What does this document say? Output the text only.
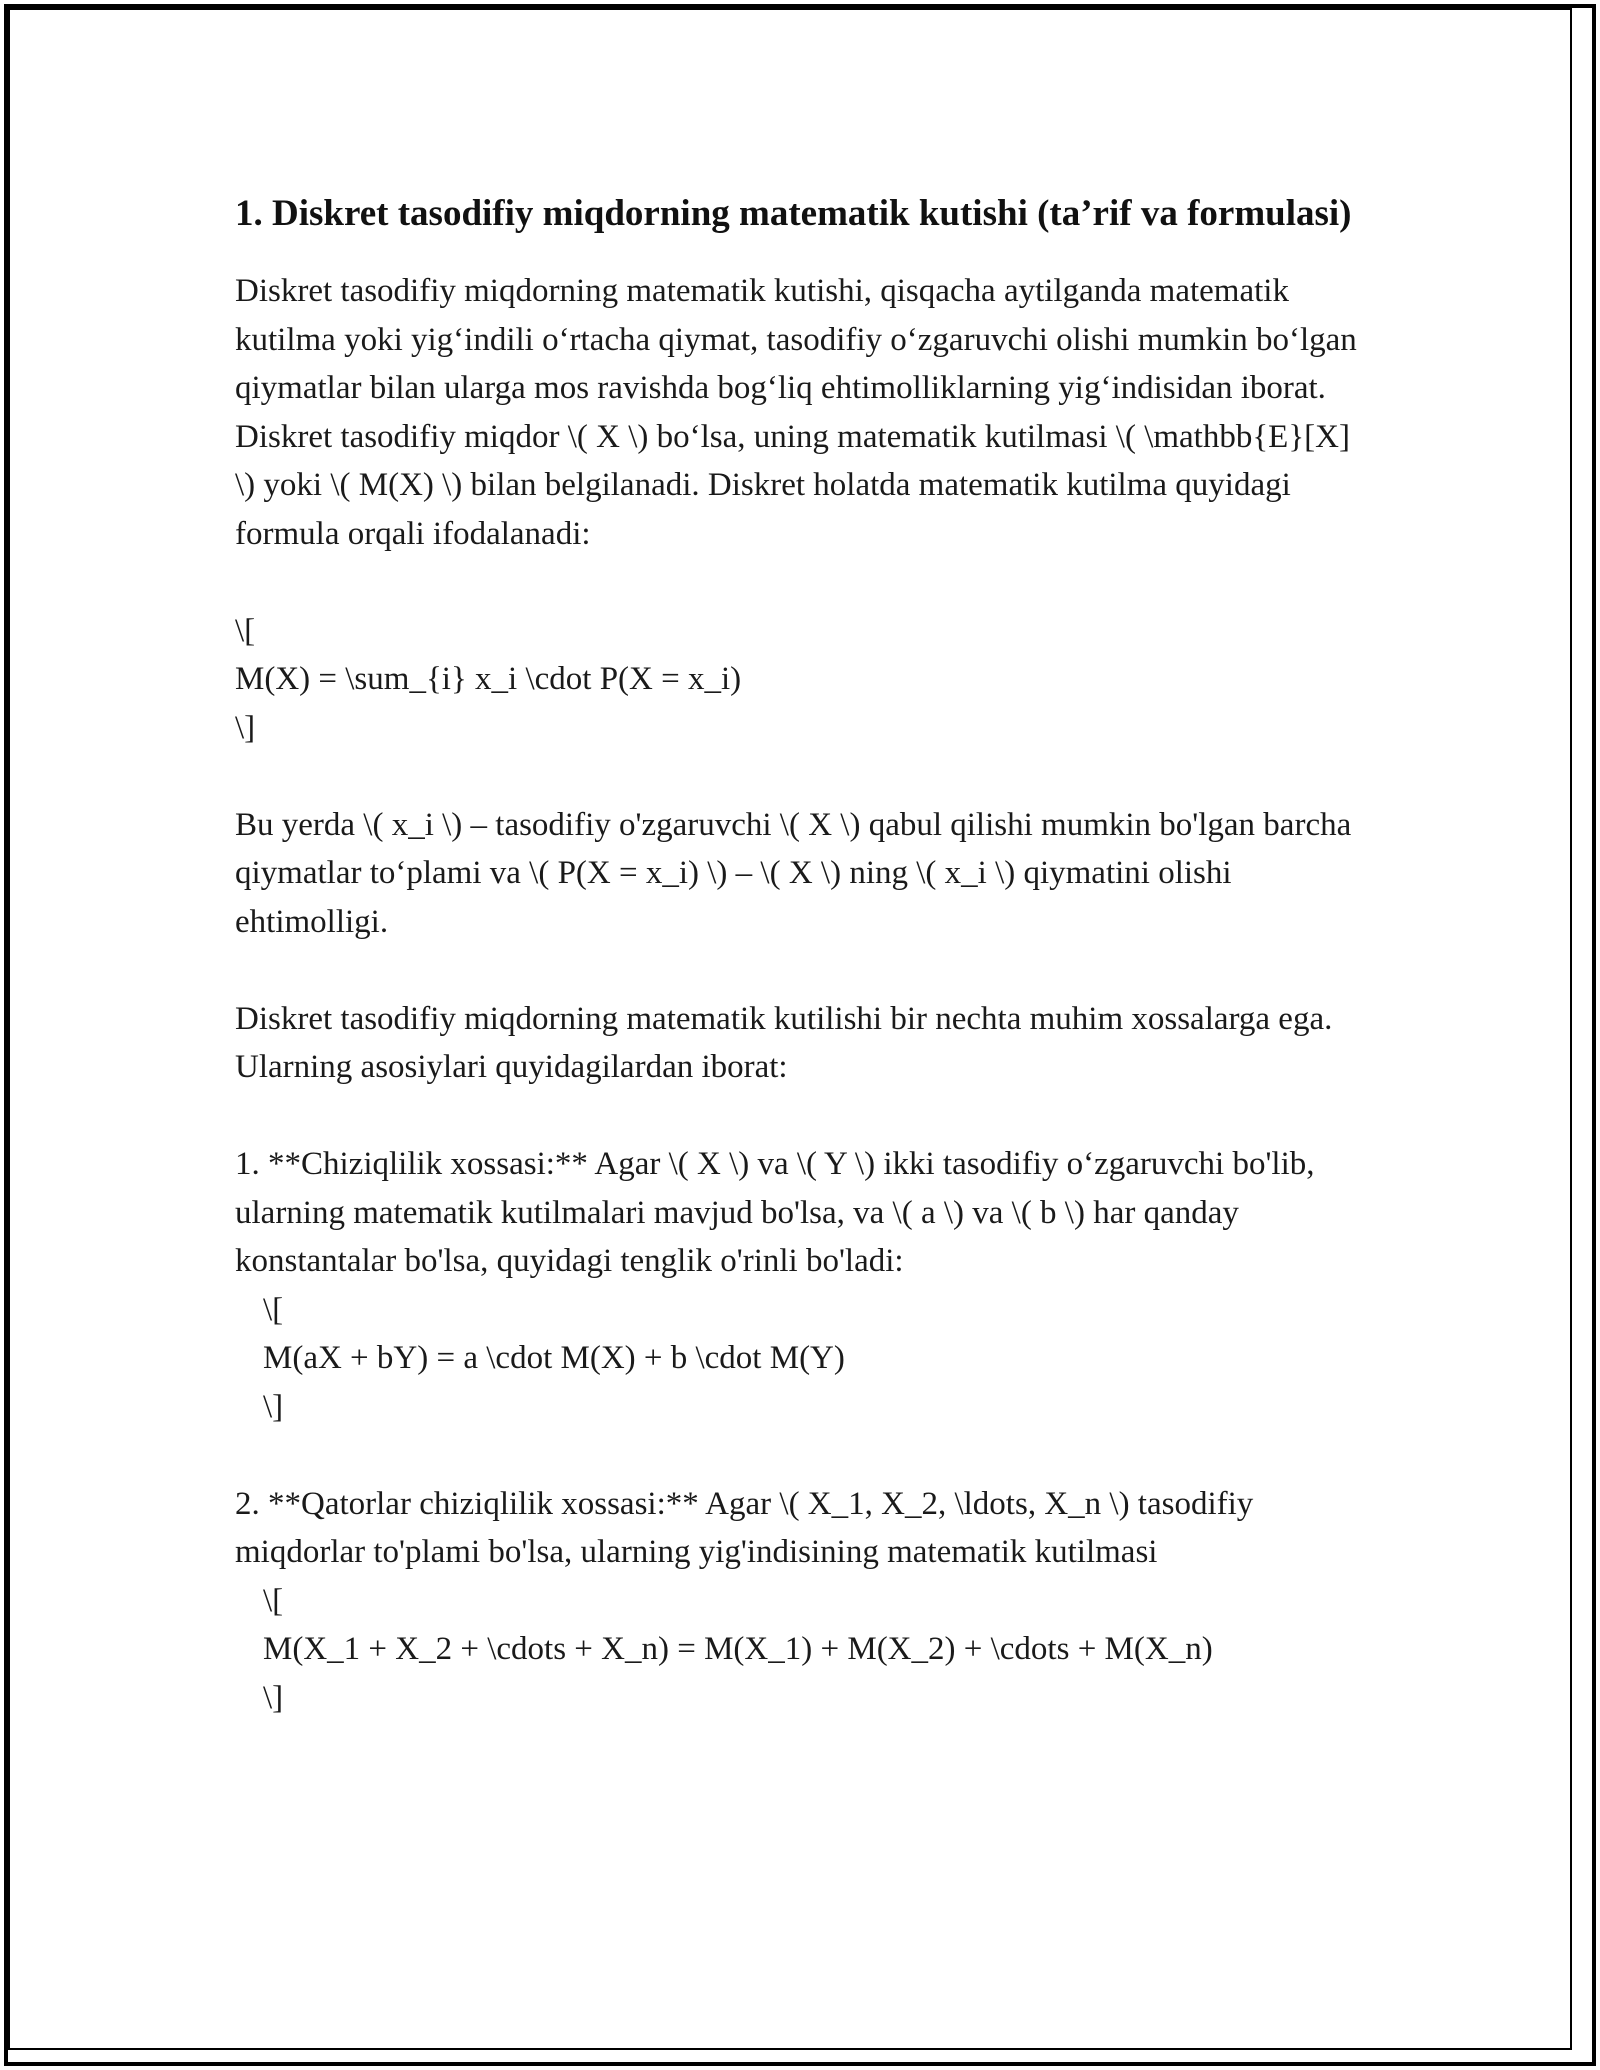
1. Diskret tasodifiy miqdorning matematik kutishi (ta’rif va formulasi)

Diskret tasodifiy miqdorning matematik kutishi, qisqacha aytilganda matematik kutilma yoki yig‘indili o‘rtacha qiymat, tasodifiy o‘zgaruvchi olishi mumkin bo‘lgan qiymatlar bilan ularga mos ravishda bog‘liq ehtimolliklarning yig‘indisidan iborat. Diskret tasodifiy miqdor \( X \) bo‘lsa, uning matematik kutilmasi \( \mathbb{E}[X] \) yoki \( M(X) \) bilan belgilanadi. Diskret holatda matematik kutilma quyidagi formula orqali ifodalanadi:

\[

M(X) = \sum_{i} x_i \cdot P(X = x_i)

\]

Bu yerda \( x_i \) – tasodifiy o'zgaruvchi \( X \) qabul qilishi mumkin bo'lgan barcha qiymatlar to‘plami va \( P(X = x_i) \) – \( X \) ning \( x_i \) qiymatini olishi ehtimolligi.

Diskret tasodifiy miqdorning matematik kutilishi bir nechta muhim xossalarga ega. Ularning asosiylari quyidagilardan iborat:

1. **Chiziqlilik xossasi:** Agar \( X \) va \( Y \) ikki tasodifiy o‘zgaruvchi bo'lib, ularning matematik kutilmalari mavjud bo'lsa, va \( a \) va \( b \) har qanday konstantalar bo'lsa, quyidagi tenglik o'rinli bo'ladi:

\[

M(aX + bY) = a \cdot M(X) + b \cdot M(Y)

\]

2. **Qatorlar chiziqlilik xossasi:** Agar \( X_1, X_2, \ldots, X_n \) tasodifiy miqdorlar to'plami bo'lsa, ularning yig'indisining matematik kutilmasi

\[

M(X_1 + X_2 + \cdots + X_n) = M(X_1) + M(X_2) + \cdots + M(X_n)

\]
